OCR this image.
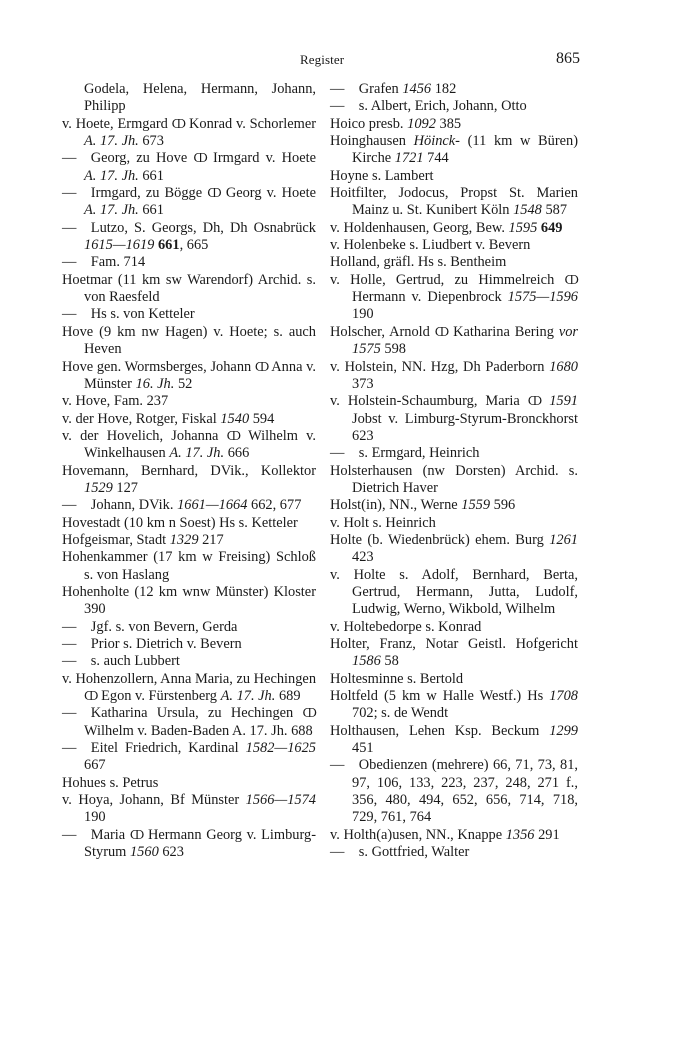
Register	865

Godela, Helena, Hermann, Johann, Philipp

v. Hoete, Ermgard ↀ Konrad v. Schorlemer A. 17. Jh. 673

— Georg, zu Hove ↀ Irmgard v. Hoete A. 17. Jh. 661

— Irmgard, zu Bögge ↀ Georg v. Hoete A. 17. Jh. 661

— Lutzo, S. Georgs, Dh, Dh Osnabrück 1615—1619 661, 665

— Fam. 714

Hoetmar (11 km sw Warendorf) Archid. s. von Raesfeld

— Hs s. von Ketteler

Hove (9 km nw Hagen) v. Hoete; s. auch Heven

Hove gen. Wormsberges, Johann ↀ Anna v. Münster 16. Jh. 52

v. Hove, Fam. 237

v. der Hove, Rotger, Fiskal 1540 594

v. der Hovelich, Johanna ↀ Wilhelm v. Winkelhausen A. 17. Jh. 666

Hovemann, Bernhard, DVik., Kollektor 1529 127

— Johann, DVik. 1661—1664 662, 677

Hovestadt (10 km n Soest) Hs s. Ketteler

Hofgeismar, Stadt 1329 217

Hohenkammer (17 km w Freising) Schloß s. von Haslang

Hohenholte (12 km wnw Münster) Kloster 390

— Jgf. s. von Bevern, Gerda

— Prior s. Dietrich v. Bevern

— s. auch Lubbert

v. Hohenzollern, Anna Maria, zu Hechingen ↀ Egon v. Fürstenberg A. 17. Jh. 689

— Katharina Ursula, zu Hechingen ↀ Wilhelm v. Baden-Baden A. 17. Jh. 688

— Eitel Friedrich, Kardinal 1582—1625 667

Hohues s. Petrus

v. Hoya, Johann, Bf Münster 1566—1574 190

— Maria ↀ Hermann Georg v. Limburg-Styrum 1560 623

— Grafen 1456 182

— s. Albert, Erich, Johann, Otto

Hoico presb. 1092 385

Hoinghausen Höinck- (11 km w Büren) Kirche 1721 744

Hoyne s. Lambert

Hoitfilter, Jodocus, Propst St. Marien Mainz u. St. Kunibert Köln 1548 587

v. Holdenhausen, Georg, Bew. 1595 649

v. Holenbeke s. Liudbert v. Bevern

Holland, gräfl. Hs s. Bentheim

v. Holle, Gertrud, zu Himmelreich ↀ Hermann v. Diepenbrock 1575—1596 190

Holscher, Arnold ↀ Katharina Bering vor 1575 598

v. Holstein, NN. Hzg, Dh Paderborn 1680 373

v. Holstein-Schaumburg, Maria ↀ 1591 Jobst v. Limburg-Styrum-Bronckhorst 623

— s. Ermgard, Heinrich

Holsterhausen (nw Dorsten) Archid. s. Dietrich Haver

Holst(in), NN., Werne 1559 596

v. Holt s. Heinrich

Holte (b. Wiedenbrück) ehem. Burg 1261 423

v. Holte s. Adolf, Bernhard, Berta, Gertrud, Hermann, Jutta, Ludolf, Ludwig, Werno, Wikbold, Wilhelm

v. Holtebedorpe s. Konrad

Holter, Franz, Notar Geistl. Hofgericht 1586 58

Holtesminne s. Bertold

Holtfeld (5 km w Halle Westf.) Hs 1708 702; s. de Wendt

Holthausen, Lehen Ksp. Beckum 1299 451

— Obedienzen (mehrere) 66, 71, 73, 81, 97, 106, 133, 223, 237, 248, 271 f., 356, 480, 494, 652, 656, 714, 718, 729, 761, 764

v. Holth(a)usen, NN., Knappe 1356 291

— s. Gottfried, Walter
